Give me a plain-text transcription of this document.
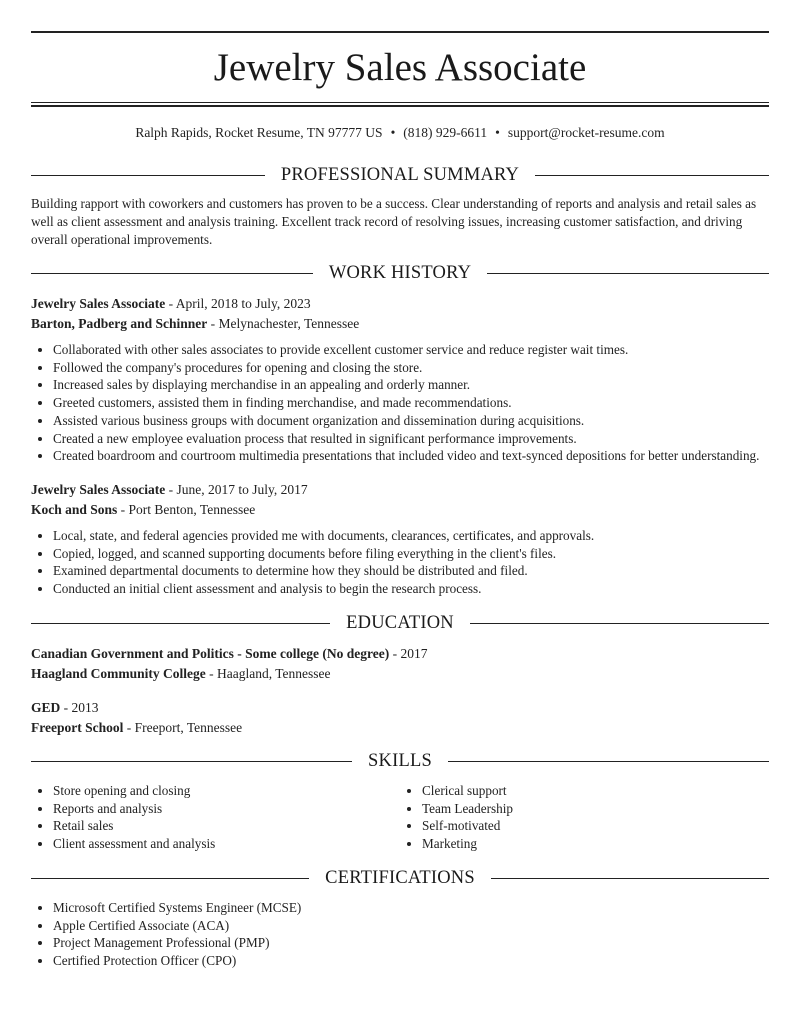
Jewelry Sales Associate
Ralph Rapids, Rocket Resume, TN 97777 US • (818) 929-6611 • support@rocket-resume.com
PROFESSIONAL SUMMARY
Building rapport with coworkers and customers has proven to be a success. Clear understanding of reports and analysis and retail sales as well as client assessment and analysis training. Excellent track record of resolving issues, increasing customer satisfaction, and driving overall operational improvements.
WORK HISTORY
Jewelry Sales Associate - April, 2018 to July, 2023
Barton, Padberg and Schinner - Melynachester, Tennessee
• Collaborated with other sales associates to provide excellent customer service and reduce register wait times.
• Followed the company's procedures for opening and closing the store.
• Increased sales by displaying merchandise in an appealing and orderly manner.
• Greeted customers, assisted them in finding merchandise, and made recommendations.
• Assisted various business groups with document organization and dissemination during acquisitions.
• Created a new employee evaluation process that resulted in significant performance improvements.
• Created boardroom and courtroom multimedia presentations that included video and text-synced depositions for better understanding.
Jewelry Sales Associate - June, 2017 to July, 2017
Koch and Sons - Port Benton, Tennessee
• Local, state, and federal agencies provided me with documents, clearances, certificates, and approvals.
• Copied, logged, and scanned supporting documents before filing everything in the client's files.
• Examined departmental documents to determine how they should be distributed and filed.
• Conducted an initial client assessment and analysis to begin the research process.
EDUCATION
Canadian Government and Politics - Some college (No degree) - 2017
Haagland Community College - Haagland, Tennessee
GED - 2013
Freeport School - Freeport, Tennessee
SKILLS
• Store opening and closing
• Reports and analysis
• Retail sales
• Client assessment and analysis
• Clerical support
• Team Leadership
• Self-motivated
• Marketing
CERTIFICATIONS
• Microsoft Certified Systems Engineer (MCSE)
• Apple Certified Associate (ACA)
• Project Management Professional (PMP)
• Certified Protection Officer (CPO)
